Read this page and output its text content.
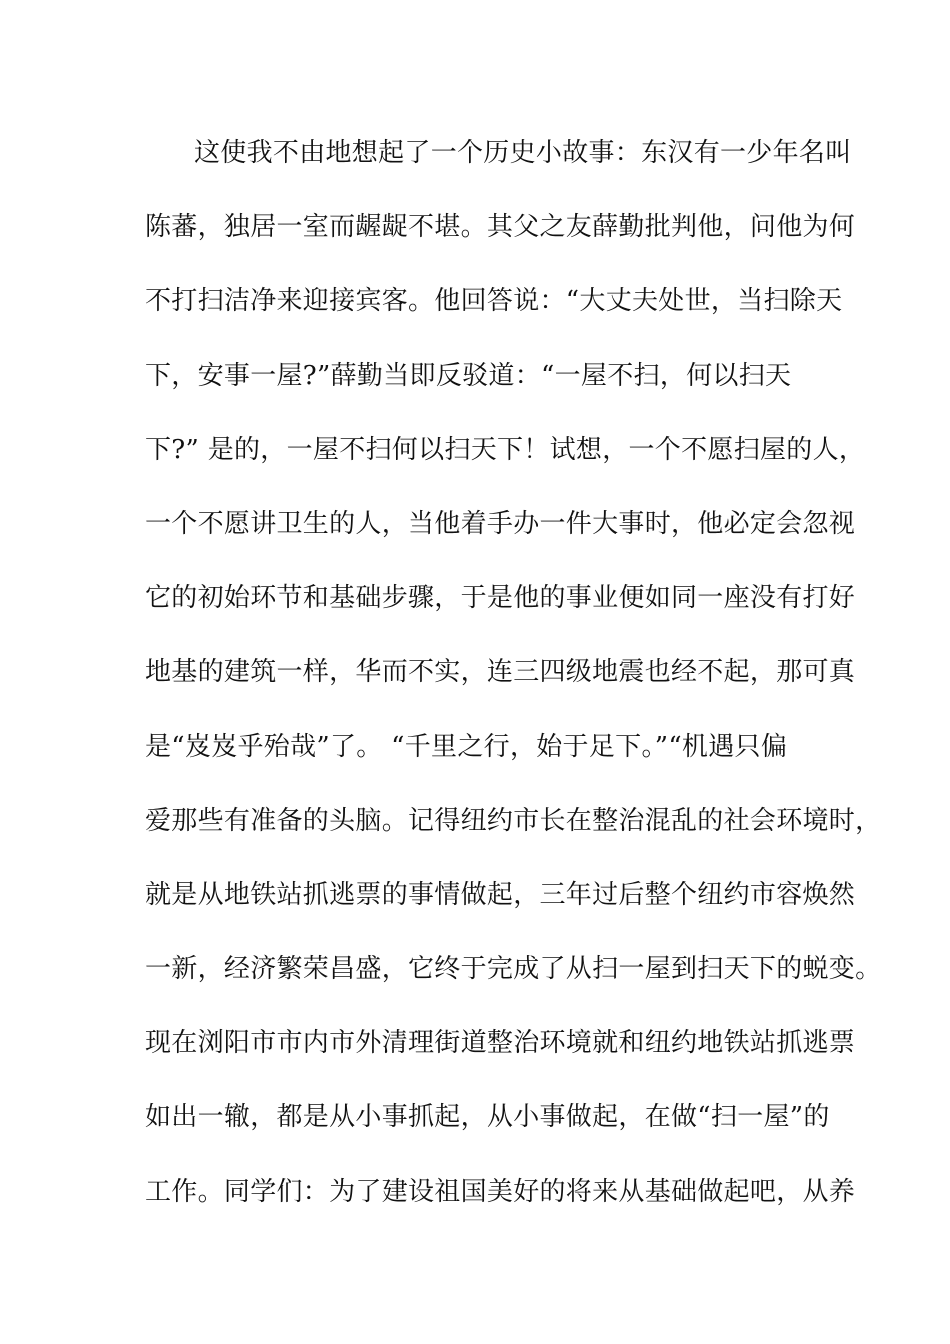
这使我不由地想起了一个历史小故事：东汉有一少年名叫
陈蕃，独居一室而龌龊不堪。其父之友薛勤批判他，问他为何
不打扫洁净来迎接宾客。他回答说：“大丈夫处世，当扫除天
下，安事一屋?”薛勤当即反驳道：“一屋不扫，何以扫天
下?” 是的，一屋不扫何以扫天下！试想，一个不愿扫屋的人，
一个不愿讲卫生的人，当他着手办一件大事时，他必定会忽视
它的初始环节和基础步骤，于是他的事业便如同一座没有打好
地基的建筑一样，华而不实，连三四级地震也经不起，那可真
是“岌岌乎殆哉”了。 “千里之行，始于足下。”“机遇只偏
爱那些有准备的头脑。记得纽约市长在整治混乱的社会环境时，
就是从地铁站抓逃票的事情做起，三年过后整个纽约市容焕然
一新，经济繁荣昌盛，它终于完成了从扫一屋到扫天下的蜕变。
现在浏阳市市内市外清理街道整治环境就和纽约地铁站抓逃票
如出一辙，都是从小事抓起，从小事做起，在做“扫一屋”的
工作。同学们：为了建设祖国美好的将来从基础做起吧，从养
